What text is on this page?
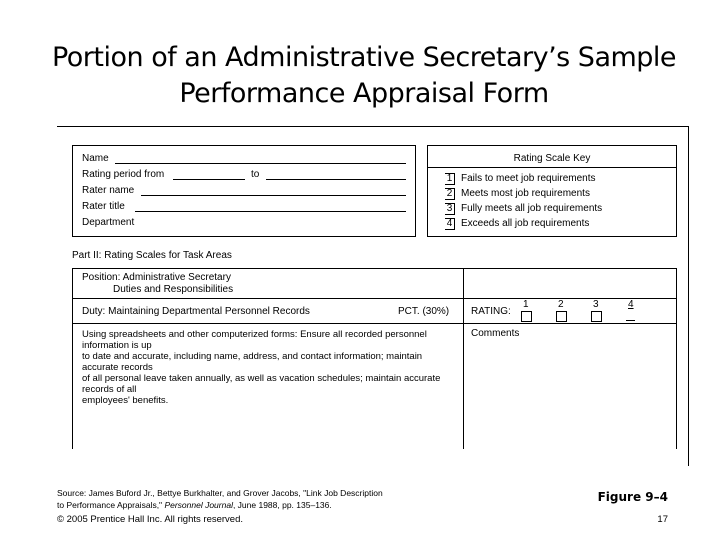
Portion of an Administrative Secretary’s Sample
Performance Appraisal Form
Name
Rating period from	to
Rater name
Rater title
Department
Rating Scale Key
1 Fails to meet job requirements
2 Meets most job requirements
3 Fully meets all job requirements
4 Exceeds all job requirements
Part II: Rating Scales for Task Areas
Position: Administrative Secretary
Duties and Responsibilities
Duty: Maintaining Departmental Personnel Records	PCT. (30%) RATING:
1	2	3	4
Comments
Using spreadsheets and other computerized forms: Ensure all recorded personnel information is up
to date and accurate, including name, address, and contact information; maintain accurate records
of all personal leave taken annually, as well as vacation schedules; maintain accurate records of all
employees' benefits.
Source: James Buford Jr., Bettye Burkhalter, and Grover Jacobs, "Link Job Description
to Performance Appraisals," Personnel Journal, June 1988, pp. 135–136.
© 2005 Prentice Hall Inc. All rights reserved.
Figure 9–4
17
